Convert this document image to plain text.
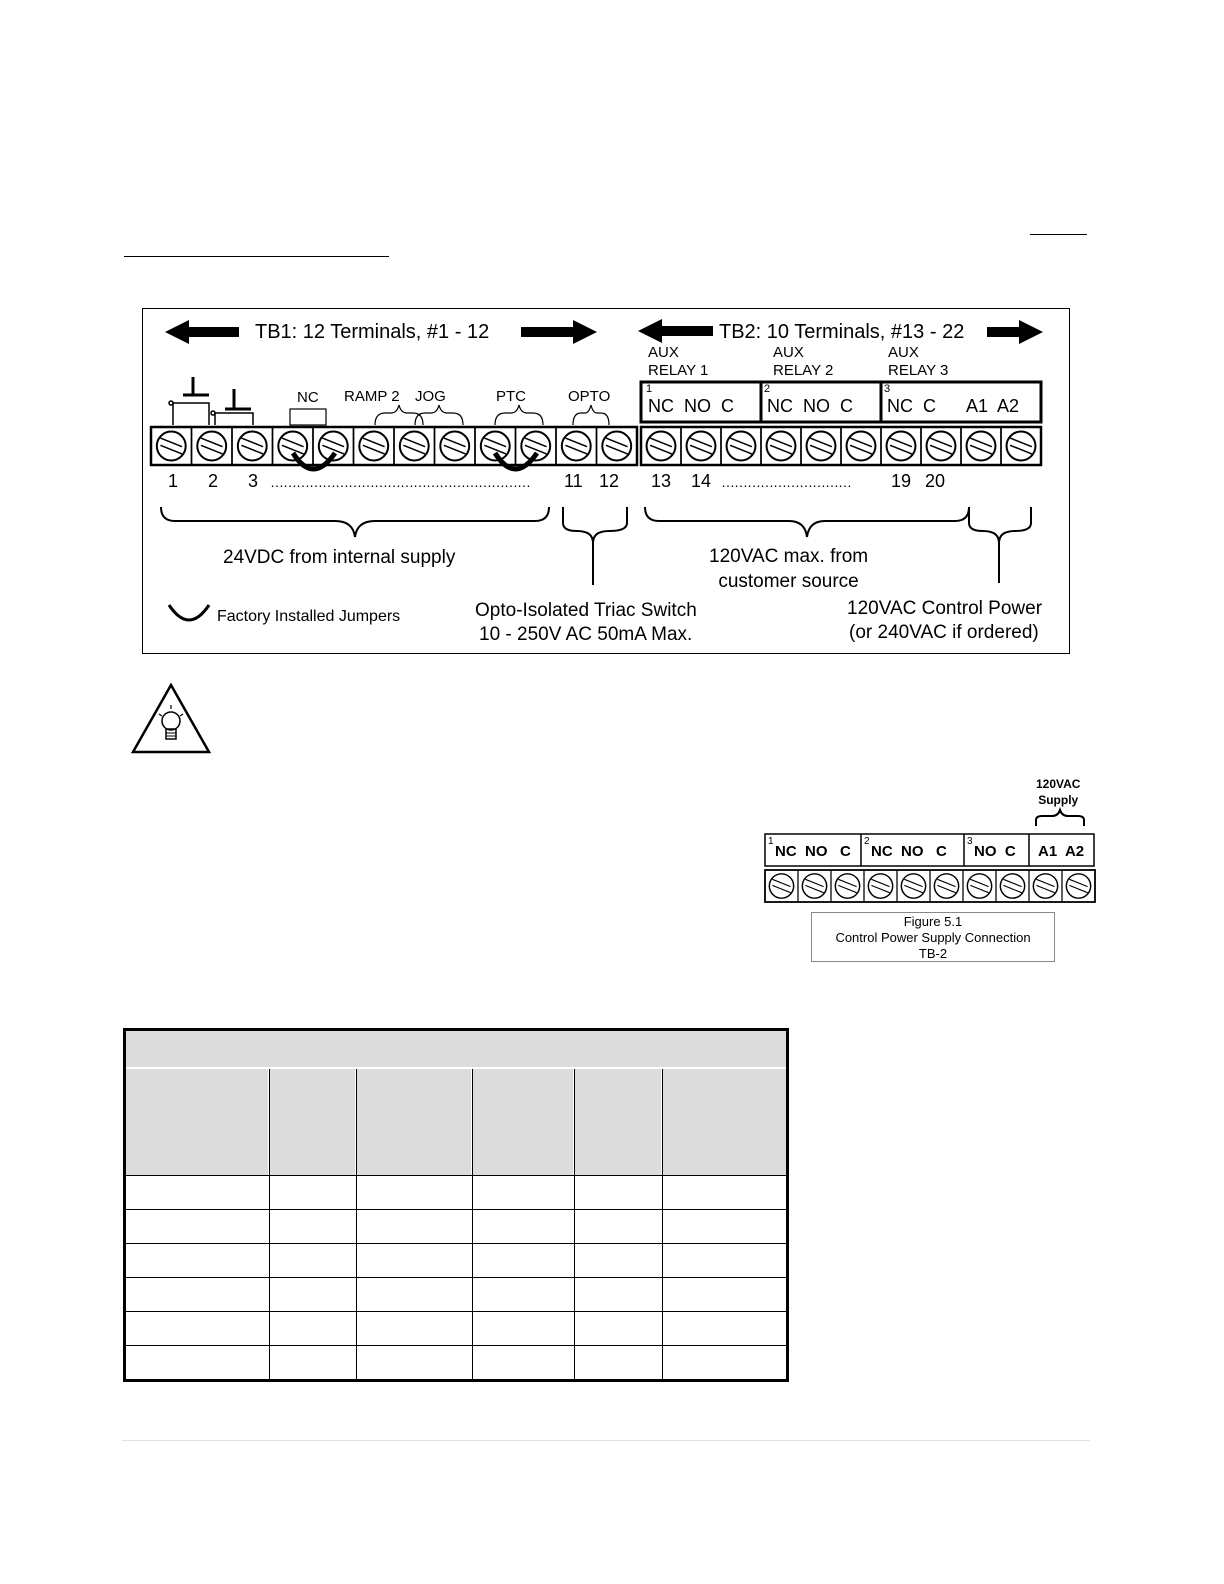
TB1: 12 Terminals, #1 - 12	TB2: 10 Terminals, #13 - 22
AUX
RELAY 1
AUX
RELAY 2
AUX
RELAY 3
NC RAMP 2 JOG	PTC	OPTO	1
NC  NO  C
2
NC  NO  C
3
NC  C A1  A2
1 2 3 ……………………………………………………	11 12 13 14 …………………………	19 20
24VDC from internal supply	120VAC max. from
customer source
Factory Installed Jumpers	Opto-Isolated Triac Switch
10 - 250V AC 50mA Max.
120VAC Control Power
(or 240VAC if ordered)
120VAC
Supply
1
NC  NO   C
2
NC  NO   C
3
NO  C A1  A2
Figure 5.1
Control Power Supply Connection
TB-2
